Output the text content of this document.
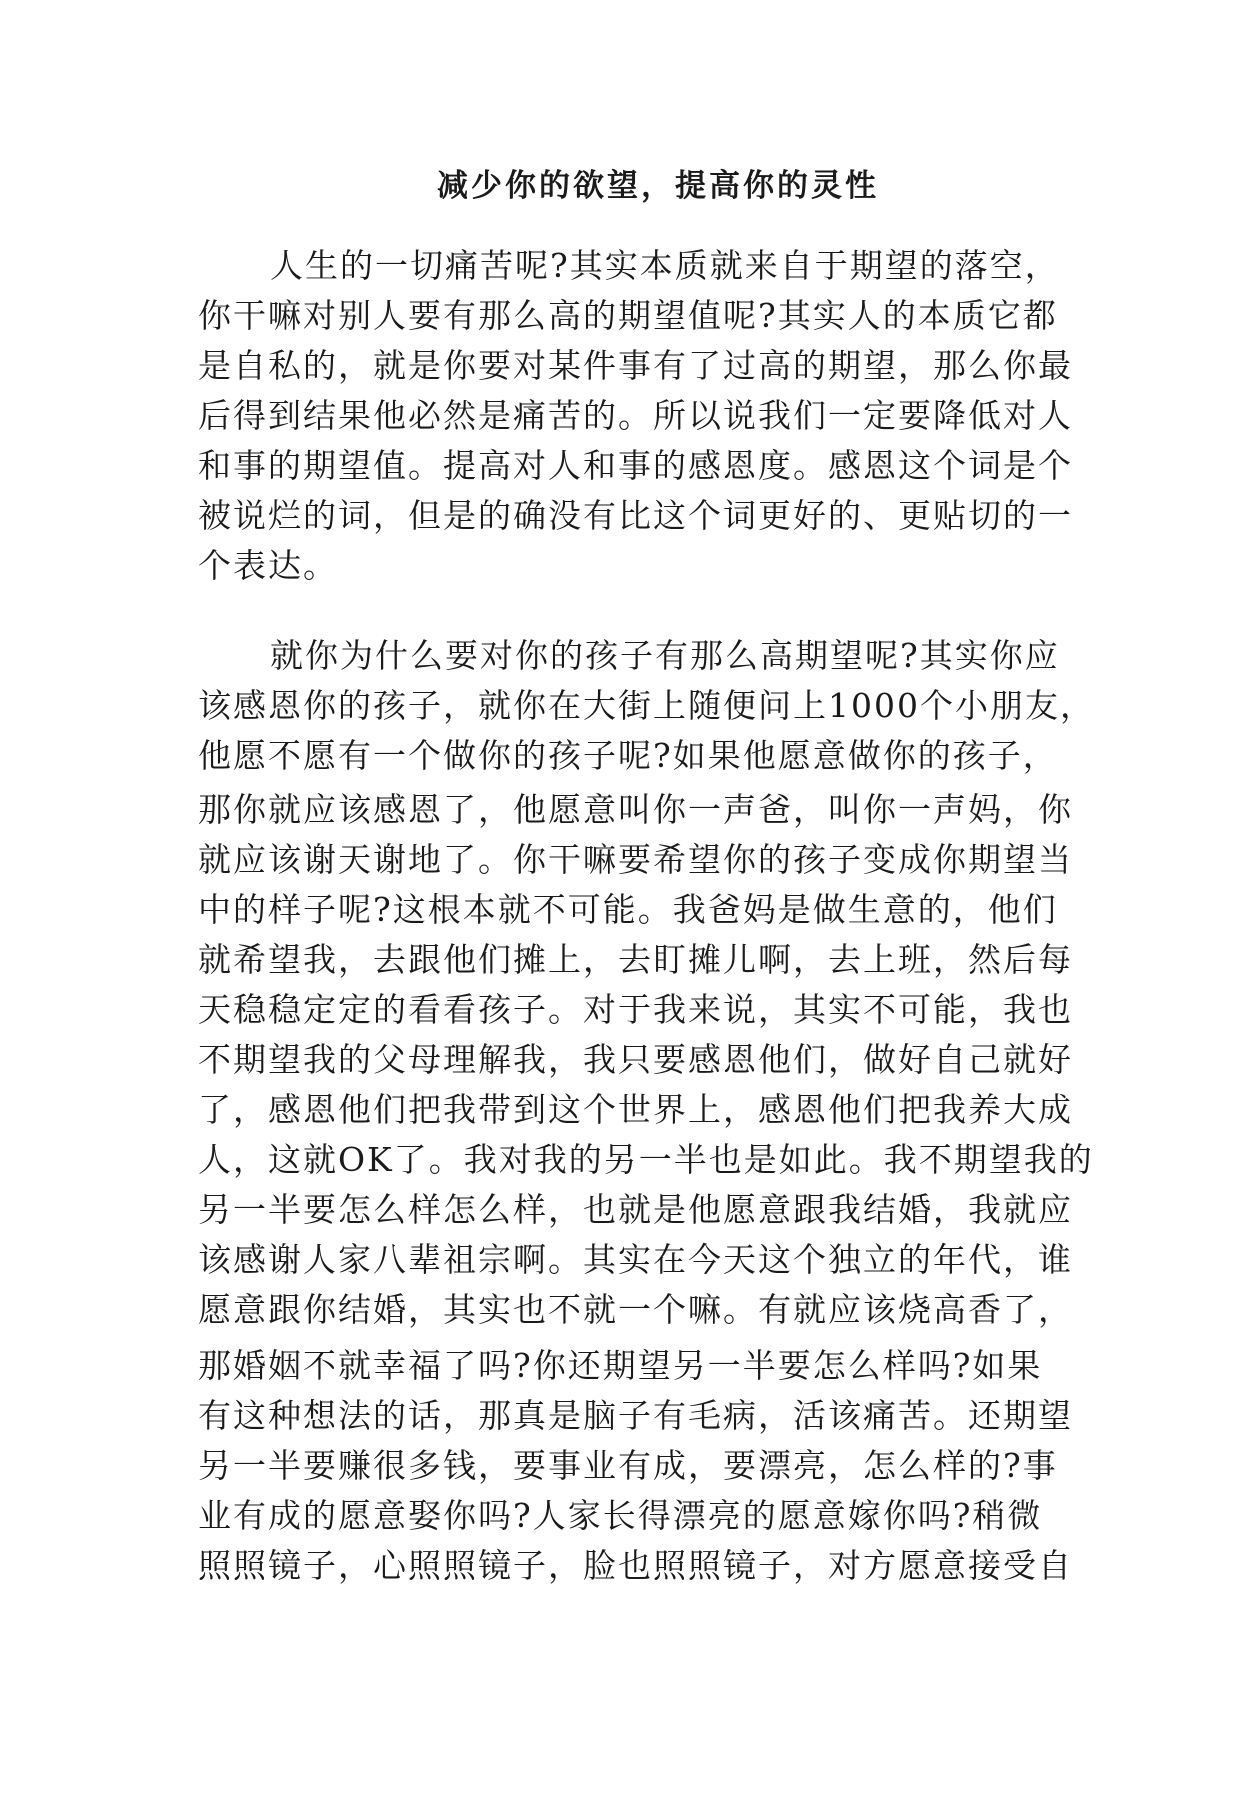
减少你的欲望，提高你的灵性
人生的一切痛苦呢?其实本质就来自于期望的落空，
你干嘛对别人要有那么高的期望值呢?其实人的本质它都
是自私的，就是你要对某件事有了过高的期望，那么你最
后得到结果他必然是痛苦的。所以说我们一定要降低对人
和事的期望值。提高对人和事的感恩度。感恩这个词是个
被说烂的词，但是的确没有比这个词更好的、更贴切的一
个表达。
就你为什么要对你的孩子有那么高期望呢?其实你应
该感恩你的孩子，就你在大街上随便问上1000个小朋友，
他愿不愿有一个做你的孩子呢?如果他愿意做你的孩子，
那你就应该感恩了，他愿意叫你一声爸，叫你一声妈，你
就应该谢天谢地了。你干嘛要希望你的孩子变成你期望当
中的样子呢?这根本就不可能。我爸妈是做生意的，他们
就希望我，去跟他们摊上，去盯摊儿啊，去上班，然后每
天稳稳定定的看看孩子。对于我来说，其实不可能，我也
不期望我的父母理解我，我只要感恩他们，做好自己就好
了，感恩他们把我带到这个世界上，感恩他们把我养大成
人，这就OK了。我对我的另一半也是如此。我不期望我的
另一半要怎么样怎么样，也就是他愿意跟我结婚，我就应
该感谢人家八辈祖宗啊。其实在今天这个独立的年代，谁
愿意跟你结婚，其实也不就一个嘛。有就应该烧高香了，
那婚姻不就幸福了吗?你还期望另一半要怎么样吗?如果
有这种想法的话，那真是脑子有毛病，活该痛苦。还期望
另一半要赚很多钱，要事业有成，要漂亮，怎么样的?事
业有成的愿意娶你吗?人家长得漂亮的愿意嫁你吗?稍微
照照镜子，心照照镜子，脸也照照镜子，对方愿意接受自
